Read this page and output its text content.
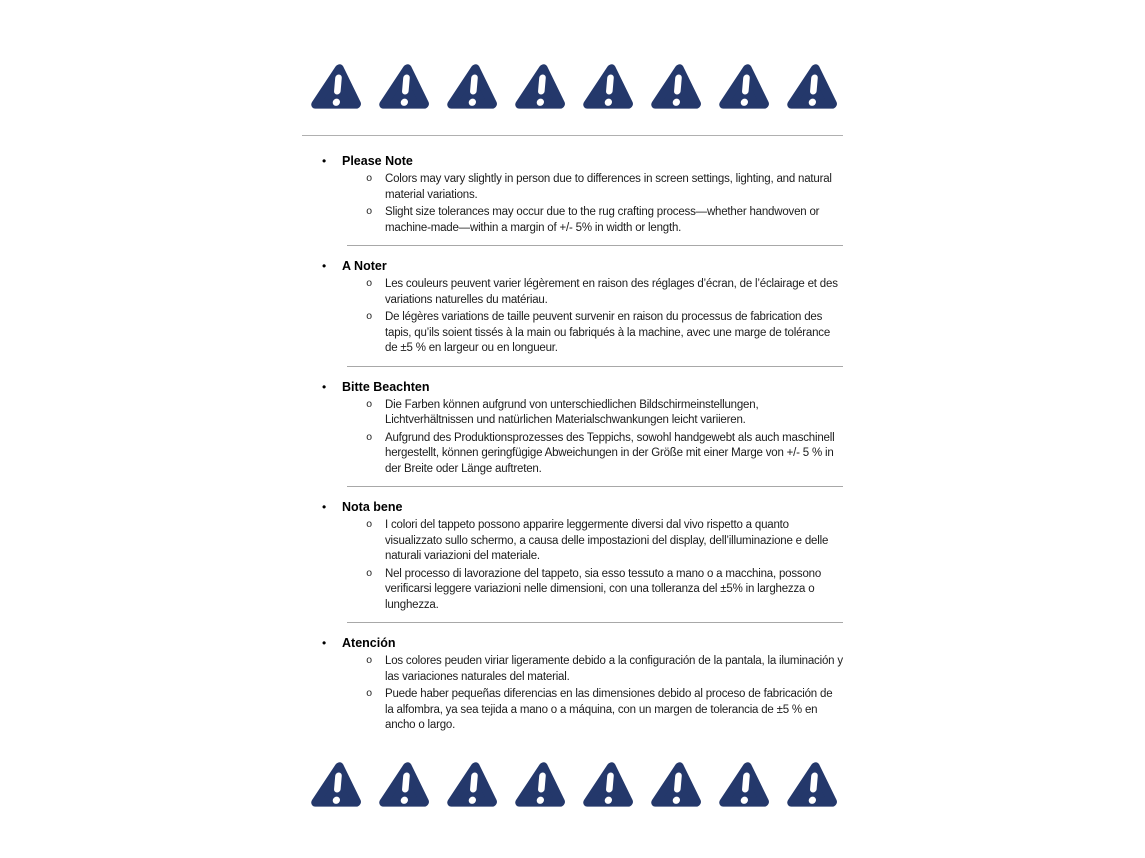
•	Please Note
o	Colors may vary slightly in person due to differences in screen settings, lighting, and natural material variations.

o	Slight size tolerances may occur due to the rug crafting process—whether handwoven or machine-made—within a margin of +/- 5% in width or length.

•	A Noter
o	Les couleurs peuvent varier légèrement en raison des réglages d’écran, de l’éclairage et des variations naturelles du matériau.

o	De légères variations de taille peuvent survenir en raison du processus de fabrication des tapis, qu’ils soient tissés à la main ou fabriqués à la machine, avec une marge de tolérance de ±5 % en largeur ou en longueur.

•	Bitte Beachten
o	Die Farben können aufgrund von unterschiedlichen Bildschirmeinstellungen, Lichtverhältnissen und natürlichen Materialschwankungen leicht variieren.

o	Aufgrund des Produktionsprozesses des Teppichs, sowohl handgewebt als auch maschinell hergestellt, können geringfügige Abweichungen in der Größe mit einer Marge von +/- 5 % in der Breite oder Länge auftreten.

•	Nota bene
o	I colori del tappeto possono apparire leggermente diversi dal vivo rispetto a quanto visualizzato sullo schermo, a causa delle impostazioni del display, dell’illuminazione e delle naturali variazioni del materiale.

o	Nel processo di lavorazione del tappeto, sia esso tessuto a mano o a macchina, possono verificarsi leggere variazioni nelle dimensioni, con una tolleranza del ±5% in larghezza o lunghezza.

•	Atención
o	Los colores peuden viriar ligeramente debido a la configuración de la pantala, la iluminación y las variaciones naturales del material.

o	Puede haber pequeñas diferencias en las dimensiones debido al proceso de fabricación de la alfombra, ya sea tejida a mano o a máquina, con un margen de tolerancia de ±5 % en ancho o largo.
